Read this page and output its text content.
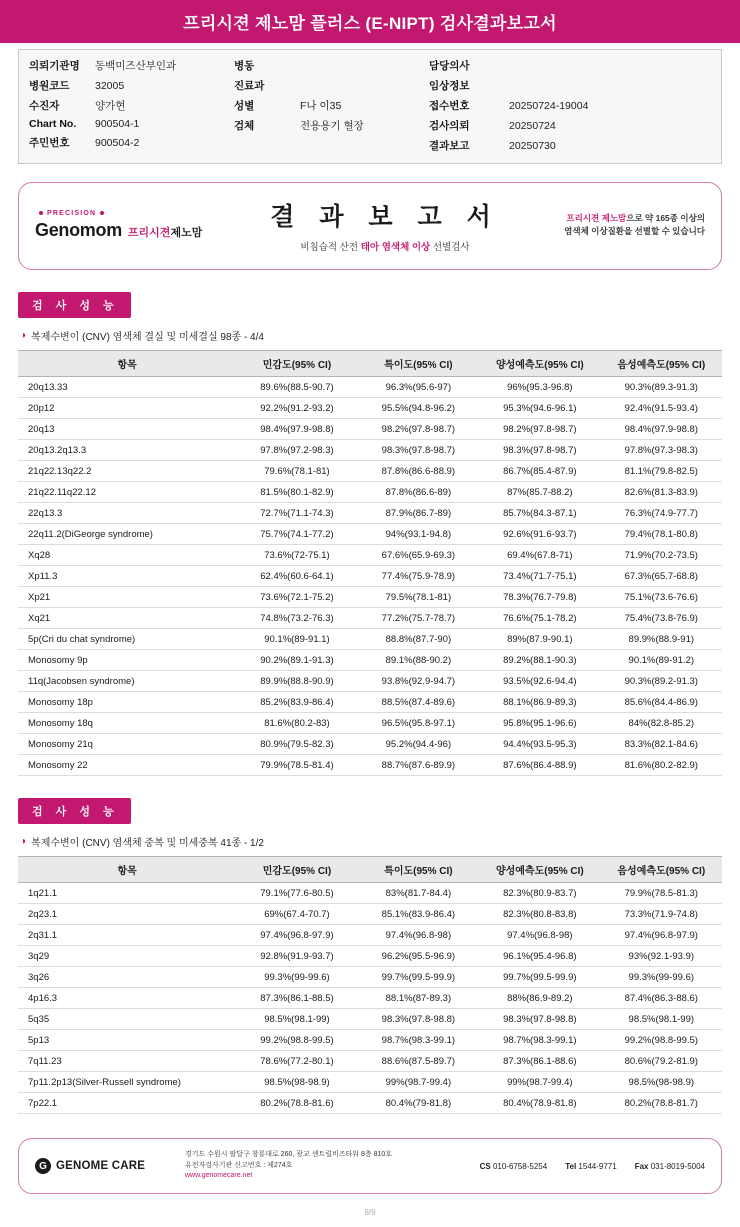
프리시젼 제노맘 플러스 (E-NIPT) 검사결과보고서
의뢰기관명	동백미즈산부인과
병원코드	32005
수진자	양가현
Chart No.	900504-1
주민번호	900504-2
병동
진료과
성별	F 나 이 35
검체	전용용기 혈장
담당의사
임상정보
접수번호	20250724-19004
검사의뢰	20250724
결과보고	20250730
PRECISION
Genomom 프리시젼제노맘
결 과 보 고 서
비침습적 산전 태아 염색체 이상 선별검사
프리시젼 제노맘으로 약 165종 이상의
염색체 이상질환을 선별할 수 있습니다
검 사 성 능
◑ 복제수변이 (CNV) 염색체 결실 및 미세결실 98종 - 4/4
항목	민감도(95% CI)	특이도(95% CI)	양성예측도(95% CI)	음성예측도(95% CI)
20q13.33	89.6%(88.5-90.7)	96.3%(95.6-97)	96%(95.3-96.8)	90.3%(89.3-91.3)
20p12	92.2%(91.2-93.2)	95.5%(94.8-96.2)	95.3%(94.6-96.1)	92.4%(91.5-93.4)
20q13	98.4%(97.9-98.8)	98.2%(97.8-98.7)	98.2%(97.8-98.7)	98.4%(97.9-98.8)
20q13.2q13.3	97.8%(97.2-98.3)	98.3%(97.8-98.7)	98.3%(97.8-98.7)	97.8%(97.3-98.3)
21q22.13q22.2	79.6%(78.1-81)	87.8%(86.6-88.9)	86.7%(85.4-87.9)	81.1%(79.8-82.5)
21q22.11q22.12	81.5%(80.1-82.9)	87.8%(86.6-89)	87%(85.7-88.2)	82.6%(81.3-83.9)
22q13.3	72.7%(71.1-74.3)	87.9%(86.7-89)	85.7%(84.3-87.1)	76.3%(74.9-77.7)
22q11.2(DiGeorge syndrome)	75.7%(74.1-77.2)	94%(93.1-94.8)	92.6%(91.6-93.7)	79.4%(78.1-80.8)
Xq28	73.6%(72-75.1)	67.6%(65.9-69.3)	69.4%(67.8-71)	71.9%(70.2-73.5)
Xp11.3	62.4%(60.6-64.1)	77.4%(75.9-78.9)	73.4%(71.7-75.1)	67.3%(65.7-68.8)
Xp21	73.6%(72.1-75.2)	79.5%(78.1-81)	78.3%(76.7-79.8)	75.1%(73.6-76.6)
Xq21	74.8%(73.2-76.3)	77.2%(75.7-78.7)	76.6%(75.1-78.2)	75.4%(73.8-76.9)
5p(Cri du chat syndrome)	90.1%(89-91.1)	88.8%(87.7-90)	89%(87.9-90.1)	89.9%(88.9-91)
Monosomy 9p	90.2%(89.1-91.3)	89.1%(88-90.2)	89.2%(88.1-90.3)	90.1%(89-91.2)
11q(Jacobsen syndrome)	89.9%(88.8-90.9)	93.8%(92.9-94.7)	93.5%(92.6-94.4)	90.3%(89.2-91.3)
Monosomy 18p	85.2%(83.9-86.4)	88.5%(87.4-89.6)	88.1%(86.9-89.3)	85.6%(84.4-86.9)
Monosomy 18q	81.6%(80.2-83)	96.5%(95.8-97.1)	95.8%(95.1-96.6)	84%(82.8-85.2)
Monosomy 21q	80.9%(79.5-82.3)	95.2%(94.4-96)	94.4%(93.5-95.3)	83.3%(82.1-84.6)
Monosomy 22	79.9%(78.5-81.4)	88.7%(87.6-89.9)	87.6%(86.4-88.9)	81.6%(80.2-82.9)
검 사 성 능
◑ 복제수변이 (CNV) 염색체 중복 및 미세중복 41종 - 1/2
항목	민감도(95% CI)	특이도(95% CI)	양성예측도(95% CI)	음성예측도(95% CI)
1q21.1	79.1%(77.6-80.5)	83%(81.7-84.4)	82.3%(80.9-83.7)	79.9%(78.5-81.3)
2q23.1	69%(67.4-70.7)	85.1%(83.9-86.4)	82.3%(80.8-83.8)	73.3%(71.9-74.8)
2q31.1	97.4%(96.8-97.9)	97.4%(96.8-98)	97.4%(96.8-98)	97.4%(96.8-97.9)
3q29	92.8%(91.9-93.7)	96.2%(95.5-96.9)	96.1%(95.4-96.8)	93%(92.1-93.9)
3q26	99.3%(99-99.6)	99.7%(99.5-99.9)	99.7%(99.5-99.9)	99.3%(99-99.6)
4p16.3	87.3%(86.1-88.5)	88.1%(87-89.3)	88%(86.9-89.2)	87.4%(86.3-88.6)
5q35	98.5%(98.1-99)	98.3%(97.8-98.8)	98.3%(97.8-98.8)	98.5%(98.1-99)
5p13	99.2%(98.8-99.5)	98.7%(98.3-99.1)	98.7%(98.3-99.1)	99.2%(98.8-99.5)
7q11.23	78.6%(77.2-80.1)	88.6%(87.5-89.7)	87.3%(86.1-88.6)	80.6%(79.2-81.9)
7p11.2p13(Silver-Russell syndrome)	98.5%(98-98.9)	99%(98.7-99.4)	99%(98.7-99.4)	98.5%(98-98.9)
7p22.1	80.2%(78.8-81.6)	80.4%(79-81.8)	80.4%(78.9-81.8)	80.2%(78.8-81.7)
G GENOME CARE
경기도 수원시 팔달구 창룡대로 260, 광교 센트럴비즈타워 8층 810호
유전자검사기관 신고번호 : 제274호
www.genomecare.net
CS 010-6758-5254 Tel 1544-9771 Fax 031-8019-5004
8/9
